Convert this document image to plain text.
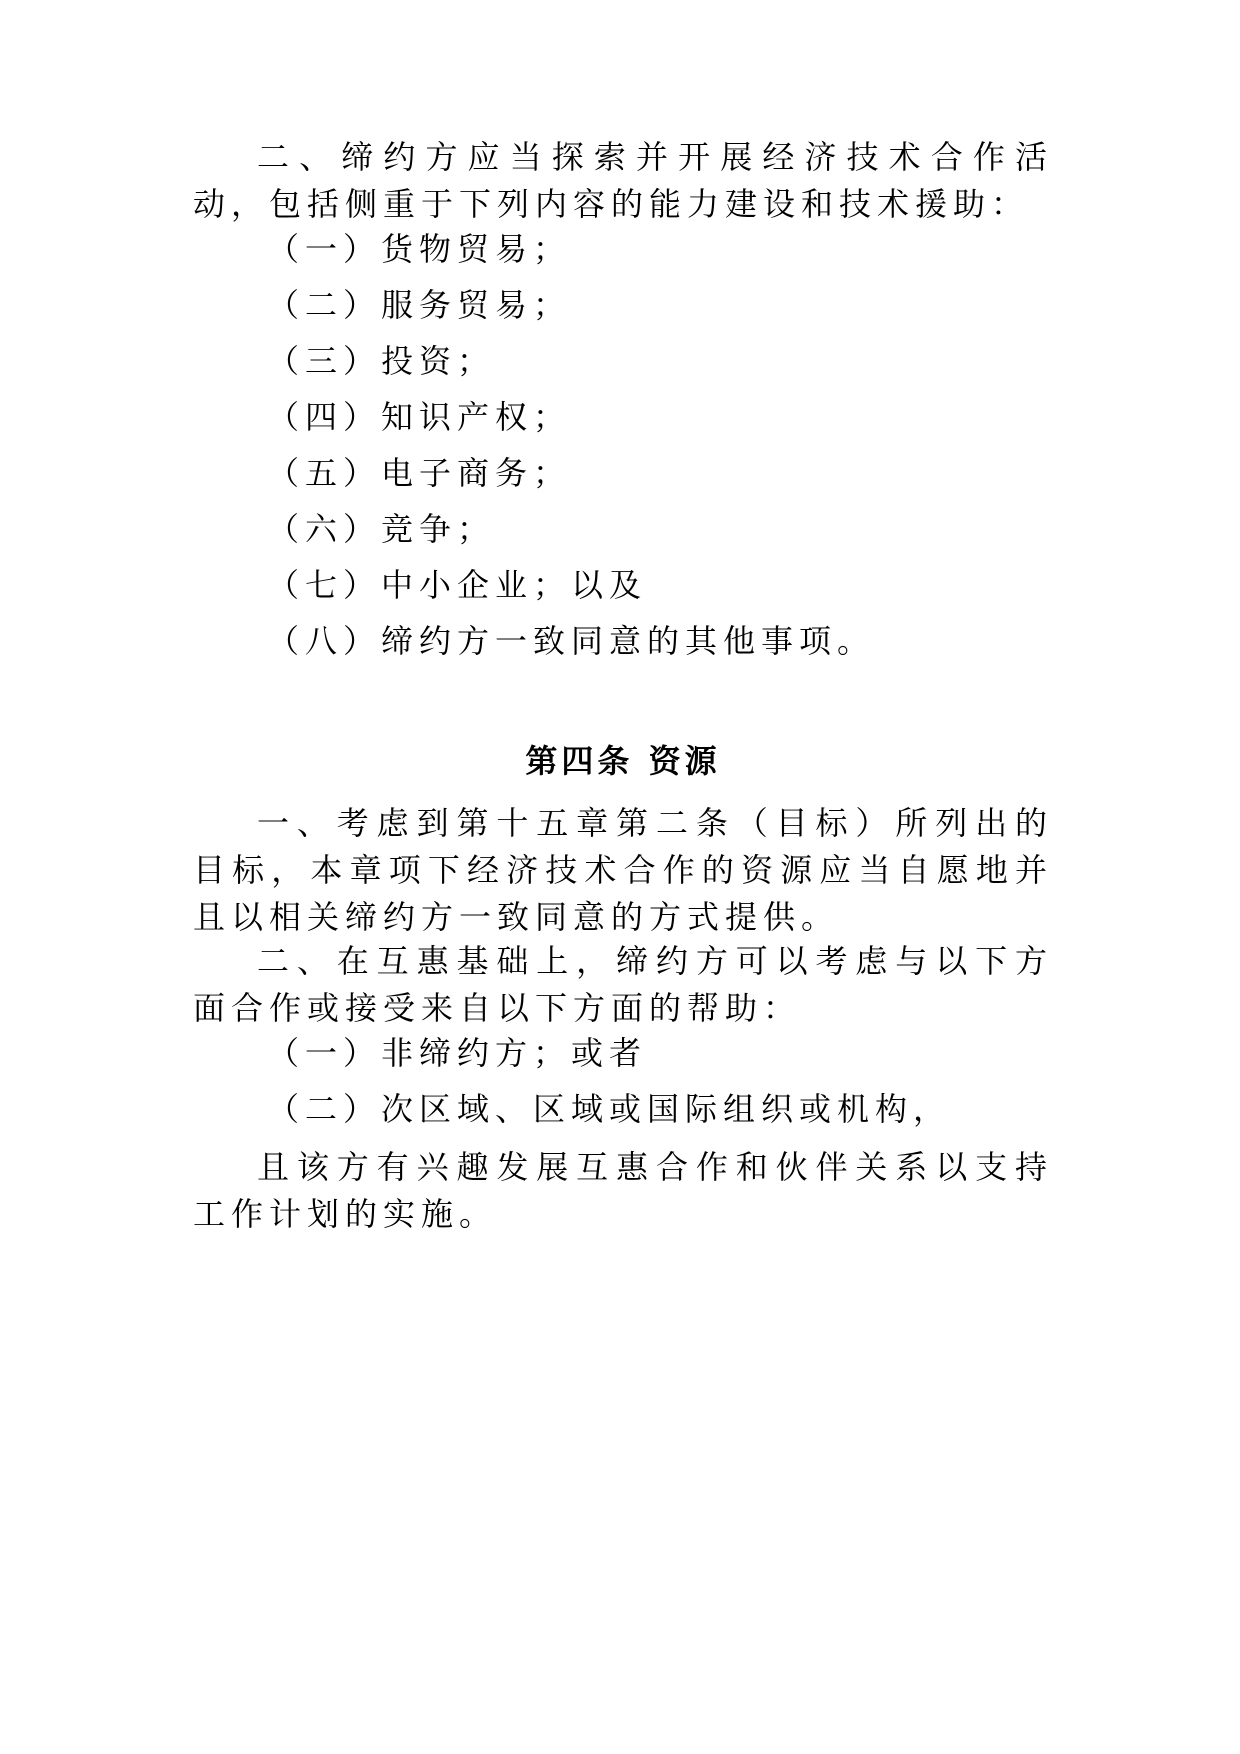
二、缔约方应当探索并开展经济技术合作活动，包括侧重于下列内容的能力建设和技术援助：

（一）货物贸易；

（二）服务贸易；

（三）投资；

（四）知识产权；

（五）电子商务；

（六）竞争；

（七）中小企业；以及

（八）缔约方一致同意的其他事项。

第四条 资源

一、考虑到第十五章第二条（目标）所列出的目标，本章项下经济技术合作的资源应当自愿地并且以相关缔约方一致同意的方式提供。

二、在互惠基础上，缔约方可以考虑与以下方面合作或接受来自以下方面的帮助：

（一）非缔约方；或者

（二）次区域、区域或国际组织或机构，

且该方有兴趣发展互惠合作和伙伴关系以支持工作计划的实施。
